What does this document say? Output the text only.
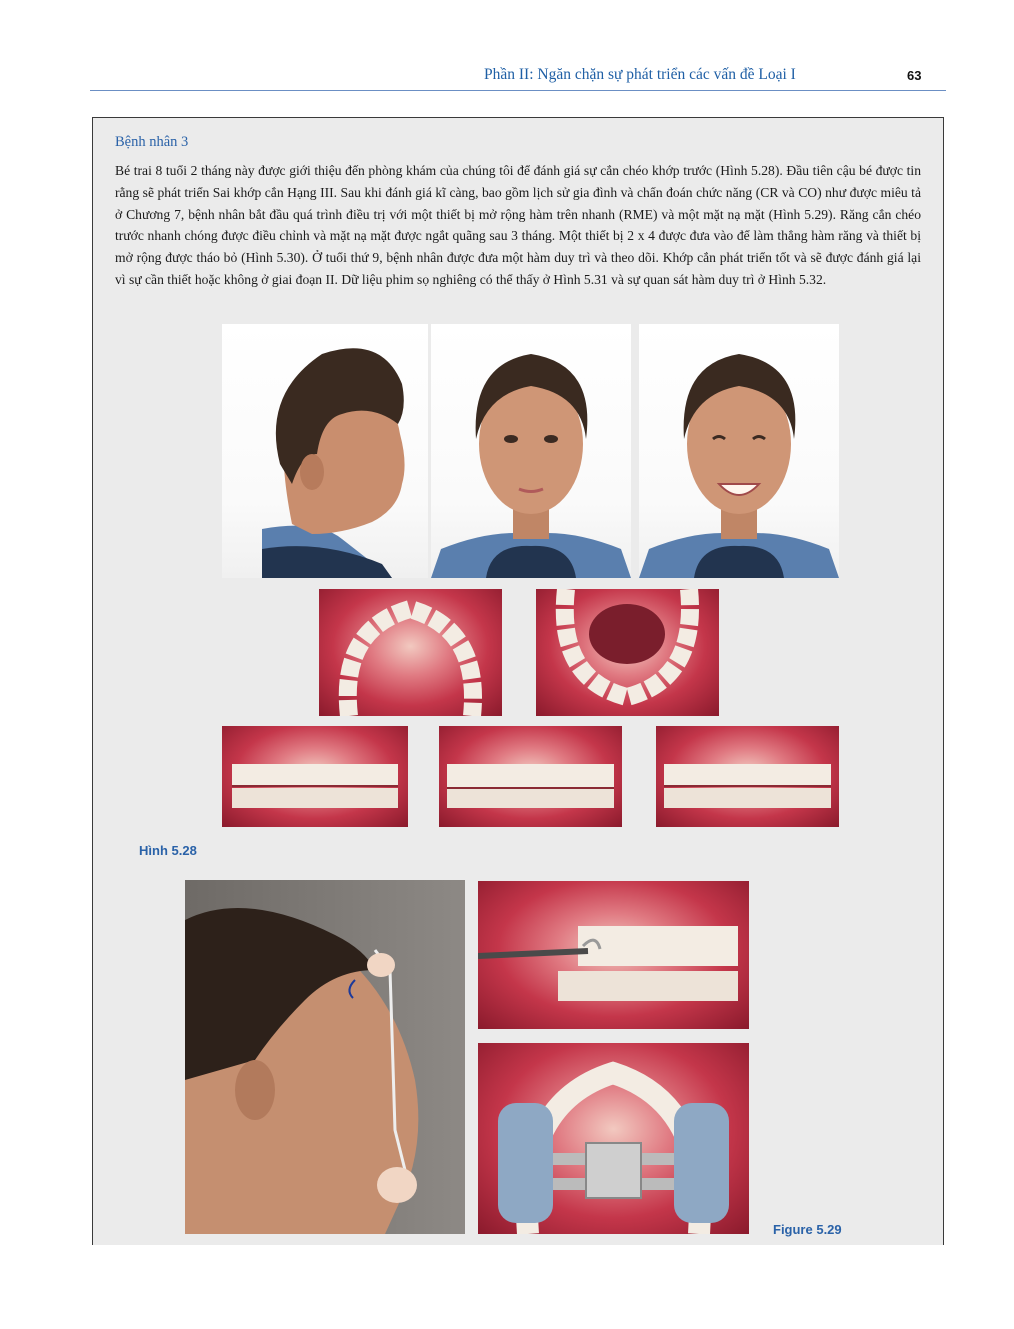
Phần II: Ngăn chặn sự phát triển các vấn đề Loại I	63
Bệnh nhân 3
Bé trai 8 tuổi 2 tháng này được giới thiệu đến phòng khám của chúng tôi để đánh giá sự cắn chéo khớp trước (Hình 5.28). Đầu tiên cậu bé được tin rằng sẽ phát triển Sai khớp cắn Hạng III. Sau khi đánh giá kĩ càng, bao gồm lịch sử gia đình và chẩn đoán chức năng (CR và CO) như được miêu tả ở Chương 7, bệnh nhân bắt đầu quá trình điều trị với một thiết bị mở rộng hàm trên nhanh (RME) và một mặt nạ mặt (Hình 5.29). Răng cắn chéo trước nhanh chóng được điều chỉnh và mặt nạ mặt được ngắt quãng sau 3 tháng. Một thiết bị 2 x 4 được đưa vào để làm thẳng hàm răng và thiết bị mở rộng được tháo bỏ (Hình 5.30). Ở tuổi thứ 9, bệnh nhân được đưa một hàm duy trì và theo dõi. Khớp cắn phát triển tốt và sẽ được đánh giá lại vì sự cần thiết hoặc không ở giai đoạn II. Dữ liệu phim sọ nghiêng có thể thấy ở Hình 5.31 và sự quan sát hàm duy trì ở Hình 5.32.
Hình 5.28
Figure 5.29
